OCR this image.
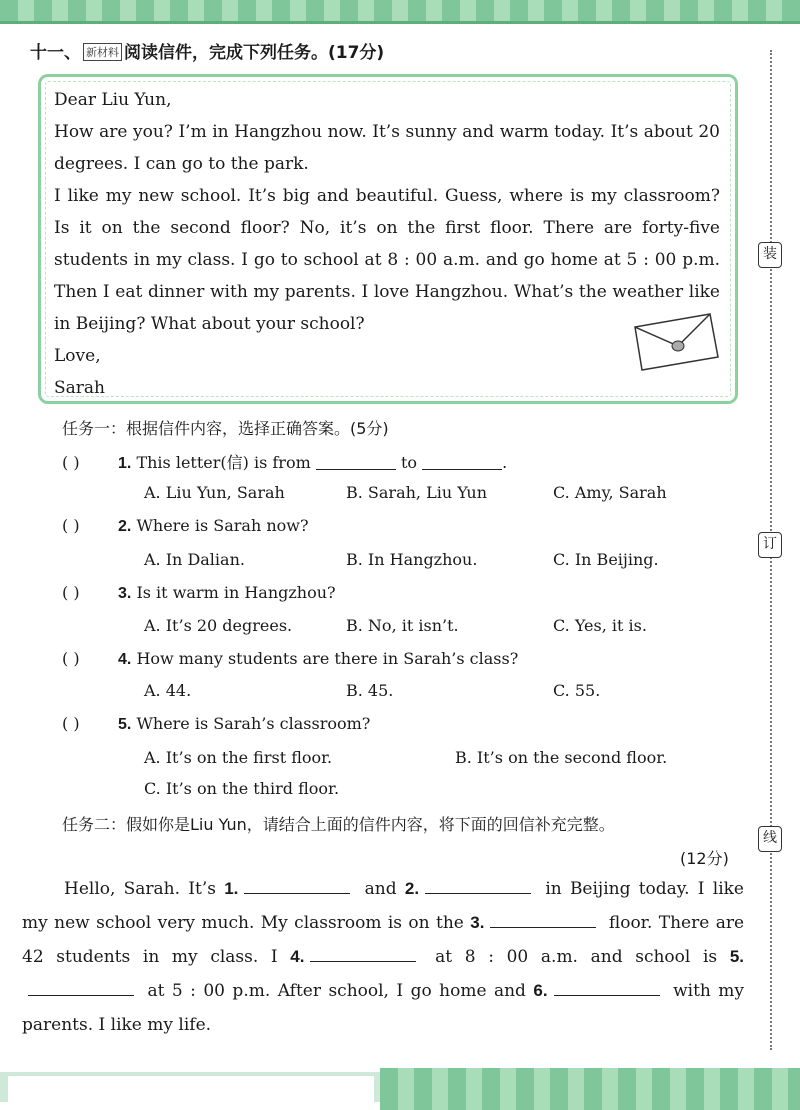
装
订
线
十一、 新材料 阅读信件，完成下列任务。(17分)

Dear Liu Yun,

How are you? I’m in Hangzhou now. It’s sunny and warm today. It’s about 20 degrees. I can go to the park.

I like my new school. It’s big and beautiful. Guess, where is my classroom? Is it on the second floor? No, it’s on the first floor. There are forty-five students in my class. I go to school at 8 : 00 a.m. and go home at 5 : 00 p.m. Then I eat dinner with my parents. I love Hangzhou. What’s the weather like in Beijing? What about your school?

Love,

Sarah

任务一：根据信件内容，选择正确答案。(5分)
( ) 1. This letter(信) is from	to	.
A. Liu Yun, Sarah	B. Sarah, Liu Yun	C. Amy, Sarah
( ) 2. Where is Sarah now?
A. In Dalian.	B. In Hangzhou.	C. In Beijing.
( ) 3. Is it warm in Hangzhou?
A. It’s 20 degrees.	B. No, it isn’t.	C. Yes, it is.
( ) 4. How many students are there in Sarah’s class?
A. 44.	B. 45.	C. 55.
( ) 5. Where is Sarah’s classroom?
A. It’s on the first floor.	B. It’s on the second floor.
C. It’s on the third floor.
任务二：假如你是Liu Yun，请结合上面的信件内容，将下面的回信补充完整。
(12分)
Hello, Sarah. It’s 1.	and 2.	in Beijing today. I like my new school very much. My classroom is on the 3.	floor. There are 42 students in my class. I 4.	at 8 : 00 a.m. and school is 5. at 5 : 00 p.m. After school, I go home and 6.	with my parents. I like my life.
